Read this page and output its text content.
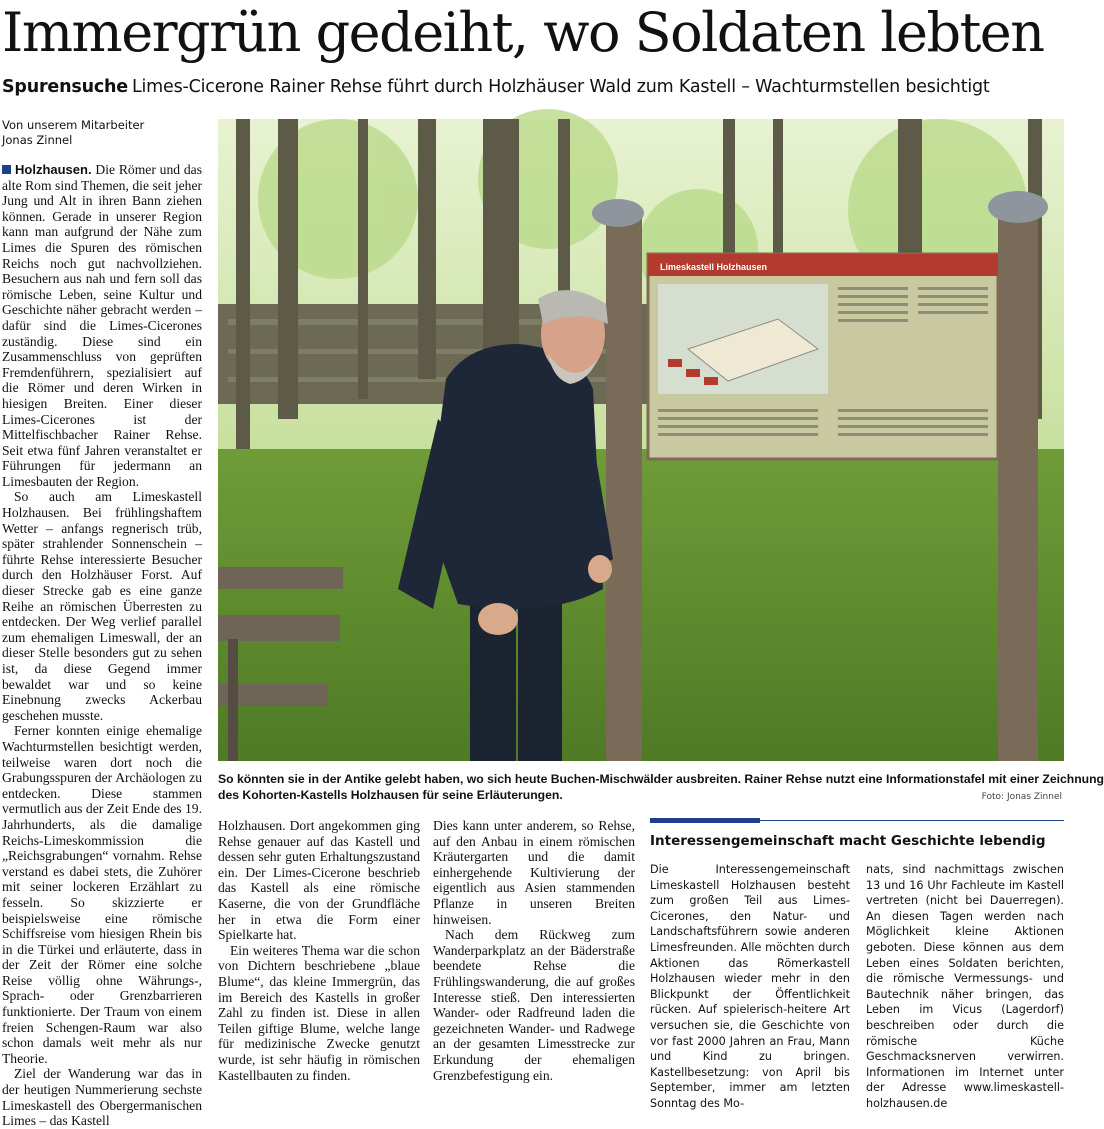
Immergrün gedeiht, wo Soldaten lebten
Spurensuche Limes-Cicerone Rainer Rehse führt durch Holzhäuser Wald zum Kastell – Wachturmstellen besichtigt
Von unserem Mitarbeiter
Jonas Zinnel

Holzhausen. Die Römer und das alte Rom sind Themen, die seit jeher Jung und Alt in ihren Bann ziehen können. Gerade in unserer Region kann man aufgrund der Nähe zum Limes die Spuren des römischen Reichs noch gut nachvollziehen. Besuchern aus nah und fern soll das römische Leben, seine Kultur und Geschichte näher gebracht werden – dafür sind die Limes-Cicerones zuständig. Diese sind ein Zusammenschluss von geprüften Fremdenführern, spezialisiert auf die Römer und deren Wirken in hiesigen Breiten. Einer dieser Limes-Cicerones ist der Mittelfischbacher Rainer Rehse. Seit etwa fünf Jahren veranstaltet er Führungen für jedermann an Limesbauten der Region.

So auch am Limeskastell Holzhausen. Bei frühlingshaftem Wetter – anfangs regnerisch trüb, später strahlender Sonnenschein – führte Rehse interessierte Besucher durch den Holzhäuser Forst. Auf dieser Strecke gab es eine ganze Reihe an römischen Überresten zu entdecken. Der Weg verlief parallel zum ehemaligen Limeswall, der an dieser Stelle besonders gut zu sehen ist, da diese Gegend immer bewaldet war und so keine Einebnung zwecks Ackerbau geschehen musste.

Ferner konnten einige ehemalige Wachturmstellen besichtigt werden, teilweise waren dort noch die Grabungsspuren der Archäologen zu entdecken. Diese stammen vermutlich aus der Zeit Ende des 19. Jahrhunderts, als die damalige Reichs-Limeskommission die „Reichsgrabungen“ vornahm. Rehse verstand es dabei stets, die Zuhörer mit seiner lockeren Erzählart zu fesseln. So skizzierte er beispielsweise eine römische Schiffsreise vom hiesigen Rhein bis in die Türkei und erläuterte, dass in der Zeit der Römer eine solche Reise völlig ohne Währungs-, Sprach- oder Grenzbarrieren funktionierte. Der Traum von einem freien Schengen-Raum war also schon damals weit mehr als nur Theorie.

Ziel der Wanderung war das in der heutigen Nummerierung sechste Limeskastell des Obergermanischen Limes – das Kastell

Limeskastell Holzhausen
So könnten sie in der Antike gelebt haben, wo sich heute Buchen-Mischwälder ausbreiten. Rainer Rehse nutzt eine Informationstafel mit einer Zeichnung
des Kohorten-Kastells Holzhausen für seine Erläuterungen.	Foto: Jonas Zinnel

Holzhausen. Dort angekommen ging Rehse genauer auf das Kastell und dessen sehr guten Erhaltungszustand ein. Der Limes-Cicerone beschrieb das Kastell als eine römische Kaserne, die von der Grundfläche her in etwa die Form einer Spielkarte hat.

Ein weiteres Thema war die schon von Dichtern beschriebene „blaue Blume“, das kleine Immergrün, das im Bereich des Kastells in großer Zahl zu finden ist. Diese in allen Teilen giftige Blume, welche lange für medizinische Zwecke genutzt wurde, ist sehr häufig in römischen Kastellbauten zu finden.

Dies kann unter anderem, so Rehse, auf den Anbau in einem römischen Kräutergarten und die damit einhergehende Kultivierung der eigentlich aus Asien stammenden Pflanze in unseren Breiten hinweisen.

Nach dem Rückweg zum Wanderparkplatz an der Bäderstraße beendete Rehse die Frühlingswanderung, die auf großes Interesse stieß. Den interessierten Wander- oder Radfreund laden die gezeichneten Wander- und Radwege an der gesamten Limesstrecke zur Erkundung der ehemaligen Grenzbefestigung ein.

Interessengemeinschaft macht Geschichte lebendig

Die Interessengemeinschaft Limeskastell Holzhausen besteht zum großen Teil aus Limes-Cicerones, den Natur- und Landschaftsführern sowie anderen Limesfreunden. Alle möchten durch Aktionen das Römerkastell Holzhausen wieder mehr in den Blickpunkt der Öffentlichkeit rücken. Auf spielerisch-heitere Art versuchen sie, die Geschichte von vor fast 2000 Jahren an Frau, Mann und Kind zu bringen. Kastellbesetzung: von April bis September, immer am letzten Sonntag des Mo-

nats, sind nachmittags zwischen 13 und 16 Uhr Fachleute im Kastell vertreten (nicht bei Dauerregen). An diesen Tagen werden nach Möglichkeit kleine Aktionen geboten. Diese können aus dem Leben eines Soldaten berichten, die römische Vermessungs- und Bautechnik näher bringen, das Leben im Vicus (Lagerdorf) beschreiben oder durch die römische Küche Geschmacksnerven verwirren. Informationen im Internet unter der Adresse www.limeskastell-holzhausen.de
